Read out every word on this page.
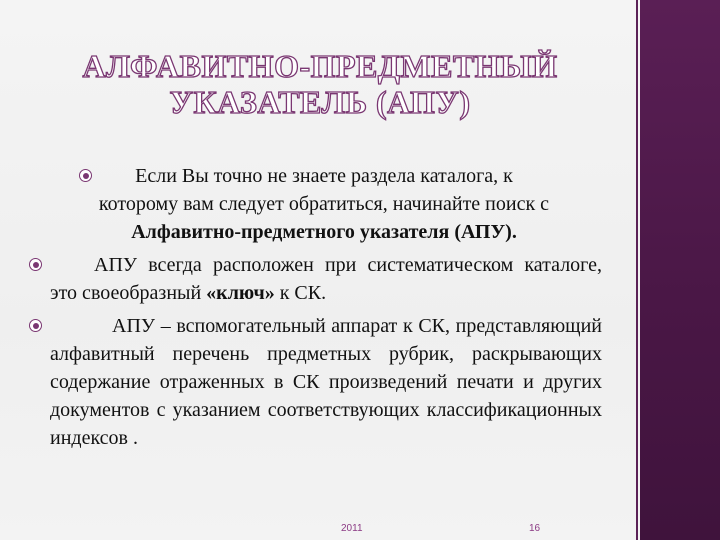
АЛФАВИТНО-ПРЕДМЕТНЫЙ
УКАЗАТЕЛЬ (АПУ)
Если Вы точно не знаете раздела каталога, к
которому вам следует обратиться, начинайте поиск с
Алфавитно-предметного указателя (АПУ).
АПУ всегда расположен при систематическом каталоге, это своеобразный «ключ» к СК.
АПУ – вспомогательный аппарат к СК, представляющий алфавитный перечень предметных рубрик, раскрывающих содержание отраженных в СК произведений печати и других документов с указанием соответствующих классификационных индексов .
2011	16
